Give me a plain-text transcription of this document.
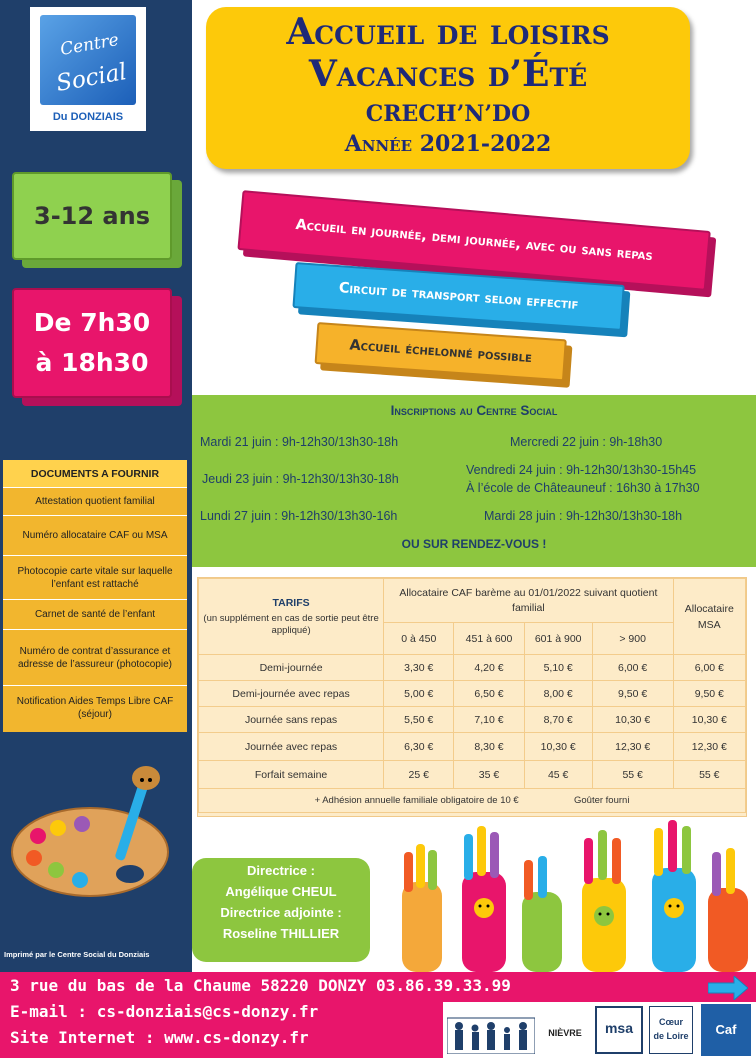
Centre
Social
Du DONZIAIS
3-12 ans
De 7h30
à 18h30
DOCUMENTS A FOURNIR
Attestation quotient familial
Numéro allocataire CAF ou MSA
Photocopie carte vitale sur laquelle l’enfant est rattaché
Carnet de santé de l’enfant
Numéro de contrat d’assurance et adresse de l’assureur (photocopie)
Notification Aides Temps Libre CAF (séjour)
Imprimé par le Centre Social du Donziais
Accueil de loisirs
Vacances d’Été
CRECH’N’DO
Année 2021-2022
Accueil en journée, demi journée, avec ou sans repas
Circuit de transport selon effectif
Accueil échelonné possible
Inscriptions au Centre Social
Mardi 21 juin : 9h-12h30/13h30-18h	Mercredi 22 juin : 9h-18h30
Jeudi 23 juin : 9h-12h30/13h30-18h
Vendredi 24 juin : 9h-12h30/13h30-15h45
À l’école de Châteauneuf : 16h30 à 17h30
Lundi 27 juin : 9h-12h30/13h30-16h	Mardi 28 juin : 9h-12h30/13h30-18h
OU SUR RENDEZ-VOUS !
TARIFS
(un supplément en cas de sortie peut être appliqué)	Allocataire CAF barème au 01/01/2022 suivant quotient familial				Allocataire MSA
	0 à 450	451 à 600	601 à 900	> 900	
Demi-journée	3,30 €	4,20 €	5,10 €	6,00 €	6,00 €
Demi-journée avec repas	5,00 €	6,50 €	8,00 €	9,50 €	9,50 €
Journée sans repas	5,50 €	7,10 €	8,70 €	10,30 €	10,30 €
Journée avec repas	6,30 €	8,30 €	10,30 €	12,30 €	12,30 €
Forfait semaine	25 €	35 €	45 €	55 €	55 €
+ Adhésion annuelle familiale obligatoire de 10 € Goûter fourni					
Directrice :
Angélique CHEUL
Directrice adjointe :
Roseline THILLIER
3 rue du bas de la Chaume 58220 DONZY 03.86.39.33.99
E-mail : cs-donziais@cs-donzy.fr
Site Internet : www.cs-donzy.fr	NIÈVRE	msa	Cœur
de Loire	Caf
